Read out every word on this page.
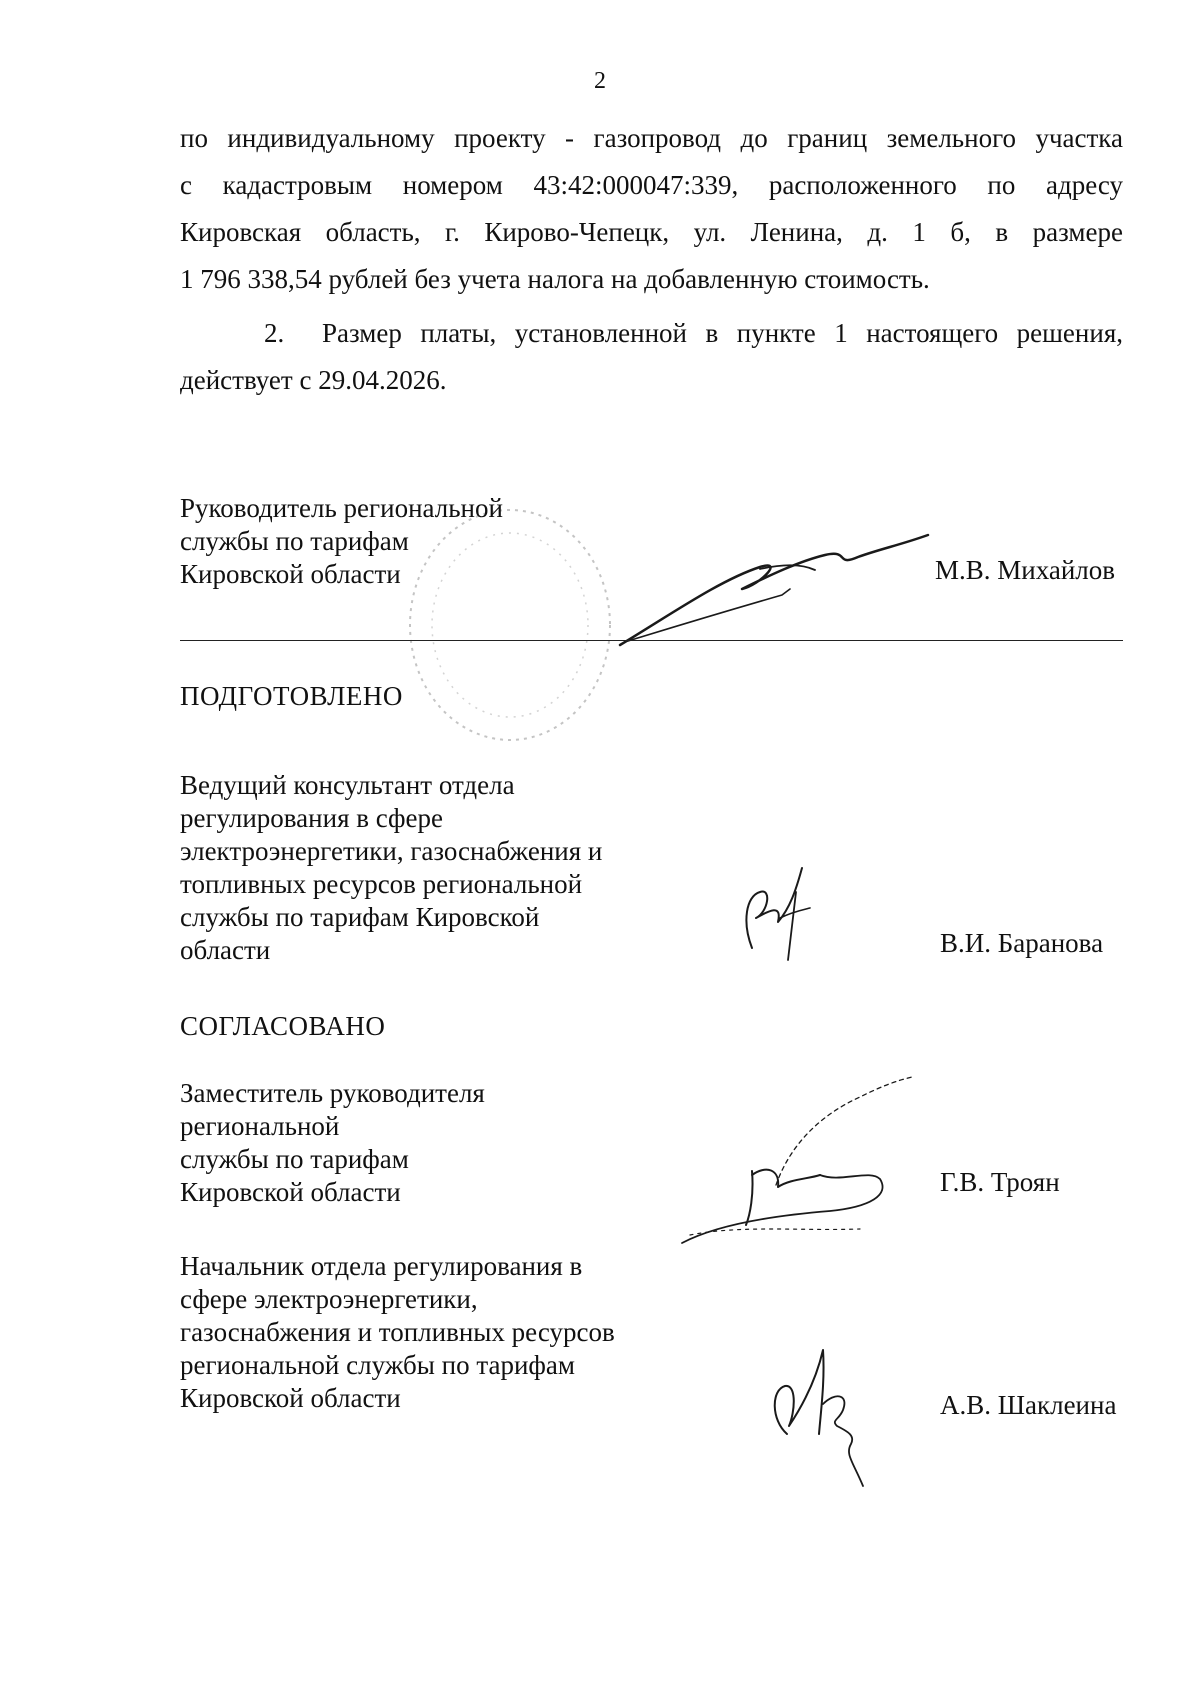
2
по индивидуальному проекту - газопровод до границ земельного участка
с кадастровым номером 43:42:000047:339, расположенного по адресу
Кировская область, г. Кирово-Чепецк, ул. Ленина, д. 1 б, в размере
1 796 338,54 рублей без учета налога на добавленную стоимость.
2. Размер платы, установленной в пункте 1 настоящего решения,
действует с 29.04.2026.
Руководитель региональной
службы по тарифам
Кировской области	М.В. Михайлов
ПОДГОТОВЛЕНО
Ведущий консультант отдела
регулирования в сфере
электроэнергетики, газоснабжения и
топливных ресурсов региональной
службы по тарифам Кировской
области	В.И. Баранова
СОГЛАСОВАНО
Заместитель руководителя
региональной
службы по тарифам
Кировской области	Г.В. Троян
Начальник отдела регулирования в
сфере электроэнергетики,
газоснабжения и топливных ресурсов
региональной службы по тарифам
Кировской области	А.В. Шаклеина
